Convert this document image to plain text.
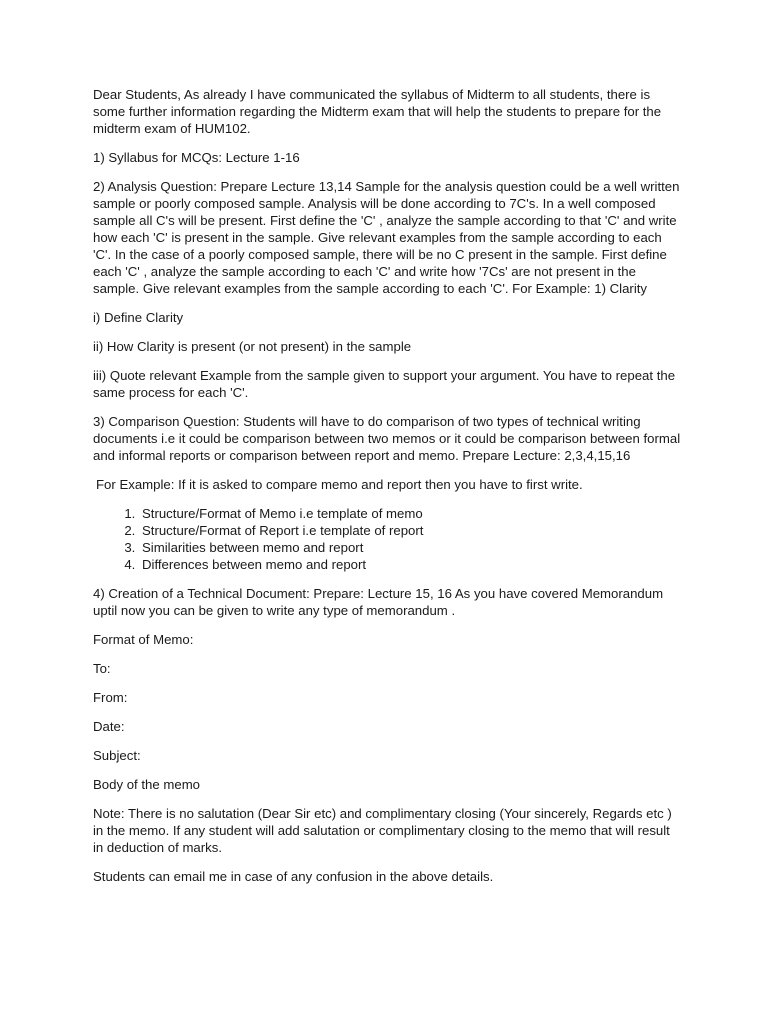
Dear Students, As already I have communicated the syllabus of Midterm to all students, there is some further information regarding the Midterm exam that will help the students to prepare for the midterm exam of HUM102.

1) Syllabus for MCQs: Lecture 1-16

2) Analysis Question: Prepare Lecture 13,14 Sample for the analysis question could be a well written sample or poorly composed sample. Analysis will be done according to 7C's. In a well composed sample all C's will be present. First define the 'C' , analyze the sample according to that 'C' and write how each 'C' is present in the sample. Give relevant examples from the sample according to each 'C'. In the case of a poorly composed sample, there will be no C present in the sample. First define each 'C' , analyze the sample according to each 'C' and write how '7Cs' are not present in the sample. Give relevant examples from the sample according to each 'C'. For Example: 1) Clarity

i) Define Clarity

ii) How Clarity is present (or not present) in the sample

iii) Quote relevant Example from the sample given to support your argument. You have to repeat the same process for each 'C'.

3) Comparison Question: Students will have to do comparison of two types of technical writing documents i.e it could be comparison between two memos or it could be comparison between formal and informal reports or comparison between report and memo. Prepare Lecture: 2,3,4,15,16

For Example: If it is asked to compare memo and report then you have to first write.

1. Structure/Format of Memo i.e template of memo
2. Structure/Format of Report i.e template of report
3. Similarities between memo and report
4. Differences between memo and report

4) Creation of a Technical Document: Prepare: Lecture 15, 16 As you have covered Memorandum uptil now you can be given to write any type of memorandum .

Format of Memo:

To:

From:

Date:

Subject:

Body of the memo

Note: There is no salutation (Dear Sir etc) and complimentary closing (Your sincerely, Regards etc ) in the memo. If any student will add salutation or complimentary closing to the memo that will result in deduction of marks.

Students can email me in case of any confusion in the above details.
